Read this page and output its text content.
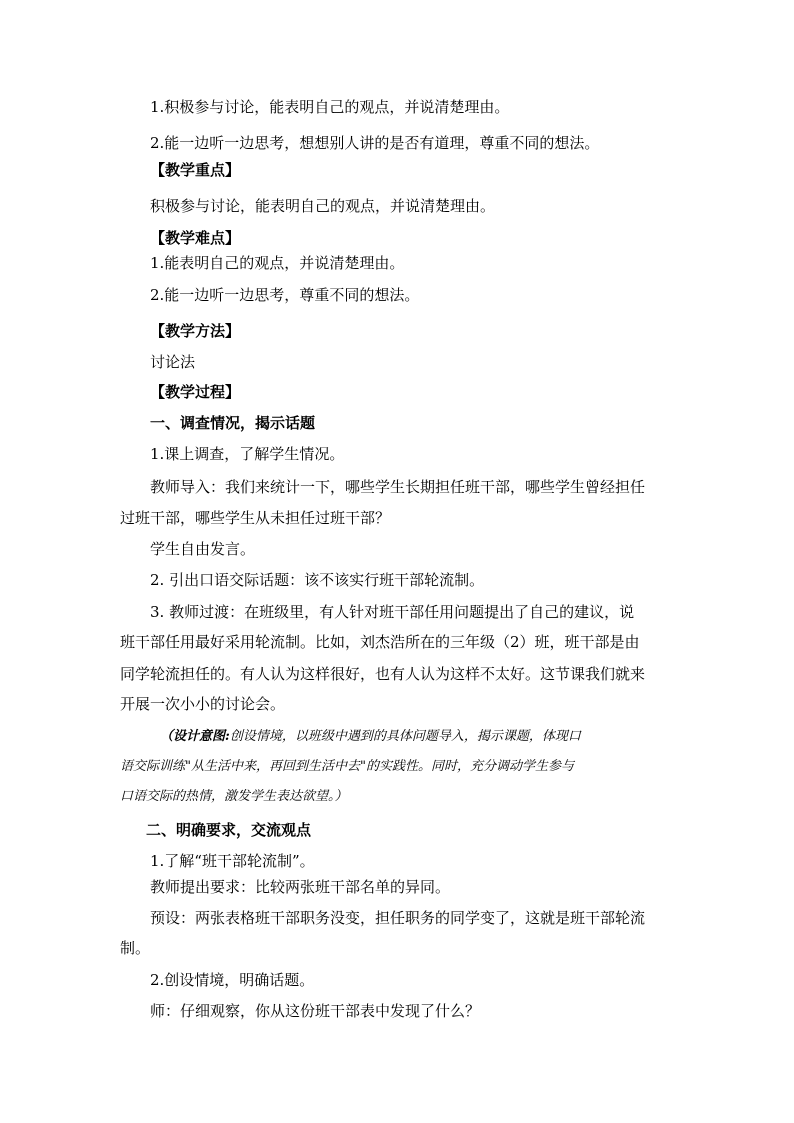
1.积极参与讨论，能表明自己的观点，并说清楚理由。
2.能一边听一边思考，想想别人讲的是否有道理，尊重不同的想法。
【教学重点】
积极参与讨论，能表明自己的观点，并说清楚理由。
【教学难点】
1.能表明自己的观点，并说清楚理由。
2.能一边听一边思考，尊重不同的想法。
【教学方法】
讨论法
【教学过程】
一、调查情况，揭示话题
1.课上调查，了解学生情况。
教师导入：我们来统计一下，哪些学生长期担任班干部，哪些学生曾经担任
过班干部，哪些学生从未担任过班干部？
学生自由发言。
2. 引出口语交际话题：该不该实行班干部轮流制。
3. 教师过渡：在班级里，有人针对班干部任用问题提出了自己的建议，说
班干部任用最好采用轮流制。比如，刘杰浩所在的三年级（2）班，班干部是由
同学轮流担任的。有人认为这样很好，也有人认为这样不太好。这节课我们就来
开展一次小小的讨论会。
（设计意图:创设情境，以班级中遇到的具体问题导入，揭示课题，体现口
语交际训练"从生活中来，再回到生活中去"的实践性。同时，充分调动学生参与
口语交际的热情，激发学生表达欲望。）
二、明确要求，交流观点
1.了解“班干部轮流制”。
教师提出要求：比较两张班干部名单的异同。
预设：两张表格班干部职务没变，担任职务的同学变了，这就是班干部轮流
制。
2.创设情境，明确话题。
师：仔细观察，你从这份班干部表中发现了什么？
